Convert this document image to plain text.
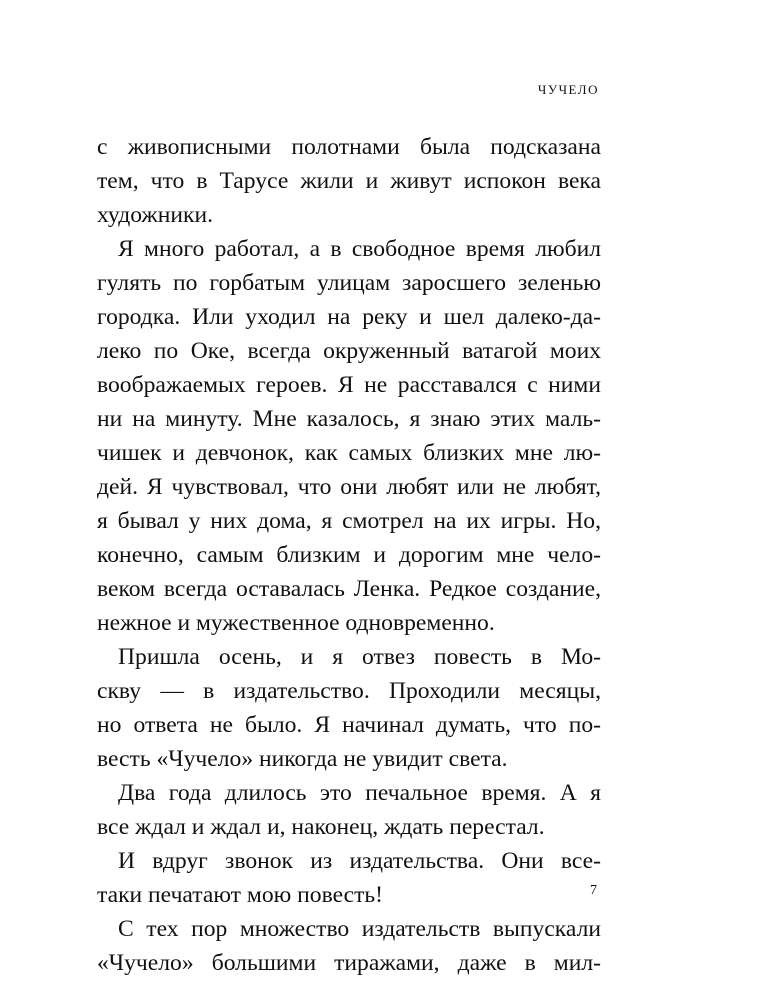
ЧУЧЕЛО
с живописными полотнами была подсказана
тем, что в Тарусе жили и живут испокон века
художники.
Я много работал, а в свободное время любил
гулять по горбатым улицам заросшего зеленью
городка. Или уходил на реку и шел далеко-да-
леко по Оке, всегда окруженный ватагой моих
воображаемых героев. Я не расставался с ними
ни на минуту. Мне казалось, я знаю этих маль-
чишек и девчонок, как самых близких мне лю-
дей. Я чувствовал, что они любят или не любят,
я бывал у них дома, я смотрел на их игры. Но,
конечно, самым близким и дорогим мне чело-
веком всегда оставалась Ленка. Редкое создание,
нежное и мужественное одновременно.
Пришла осень, и я отвез повесть в Мо-
скву — в издательство. Проходили месяцы,
но ответа не было. Я начинал думать, что по-
весть «Чучело» никогда не увидит света.
Два года длилось это печальное время. А я
все ждал и ждал и, наконец, ждать перестал.
И вдруг звонок из издательства. Они все-
таки печатают мою повесть!
С тех пор множество издательств выпускали
«Чучело» большими тиражами, даже в мил-
7
